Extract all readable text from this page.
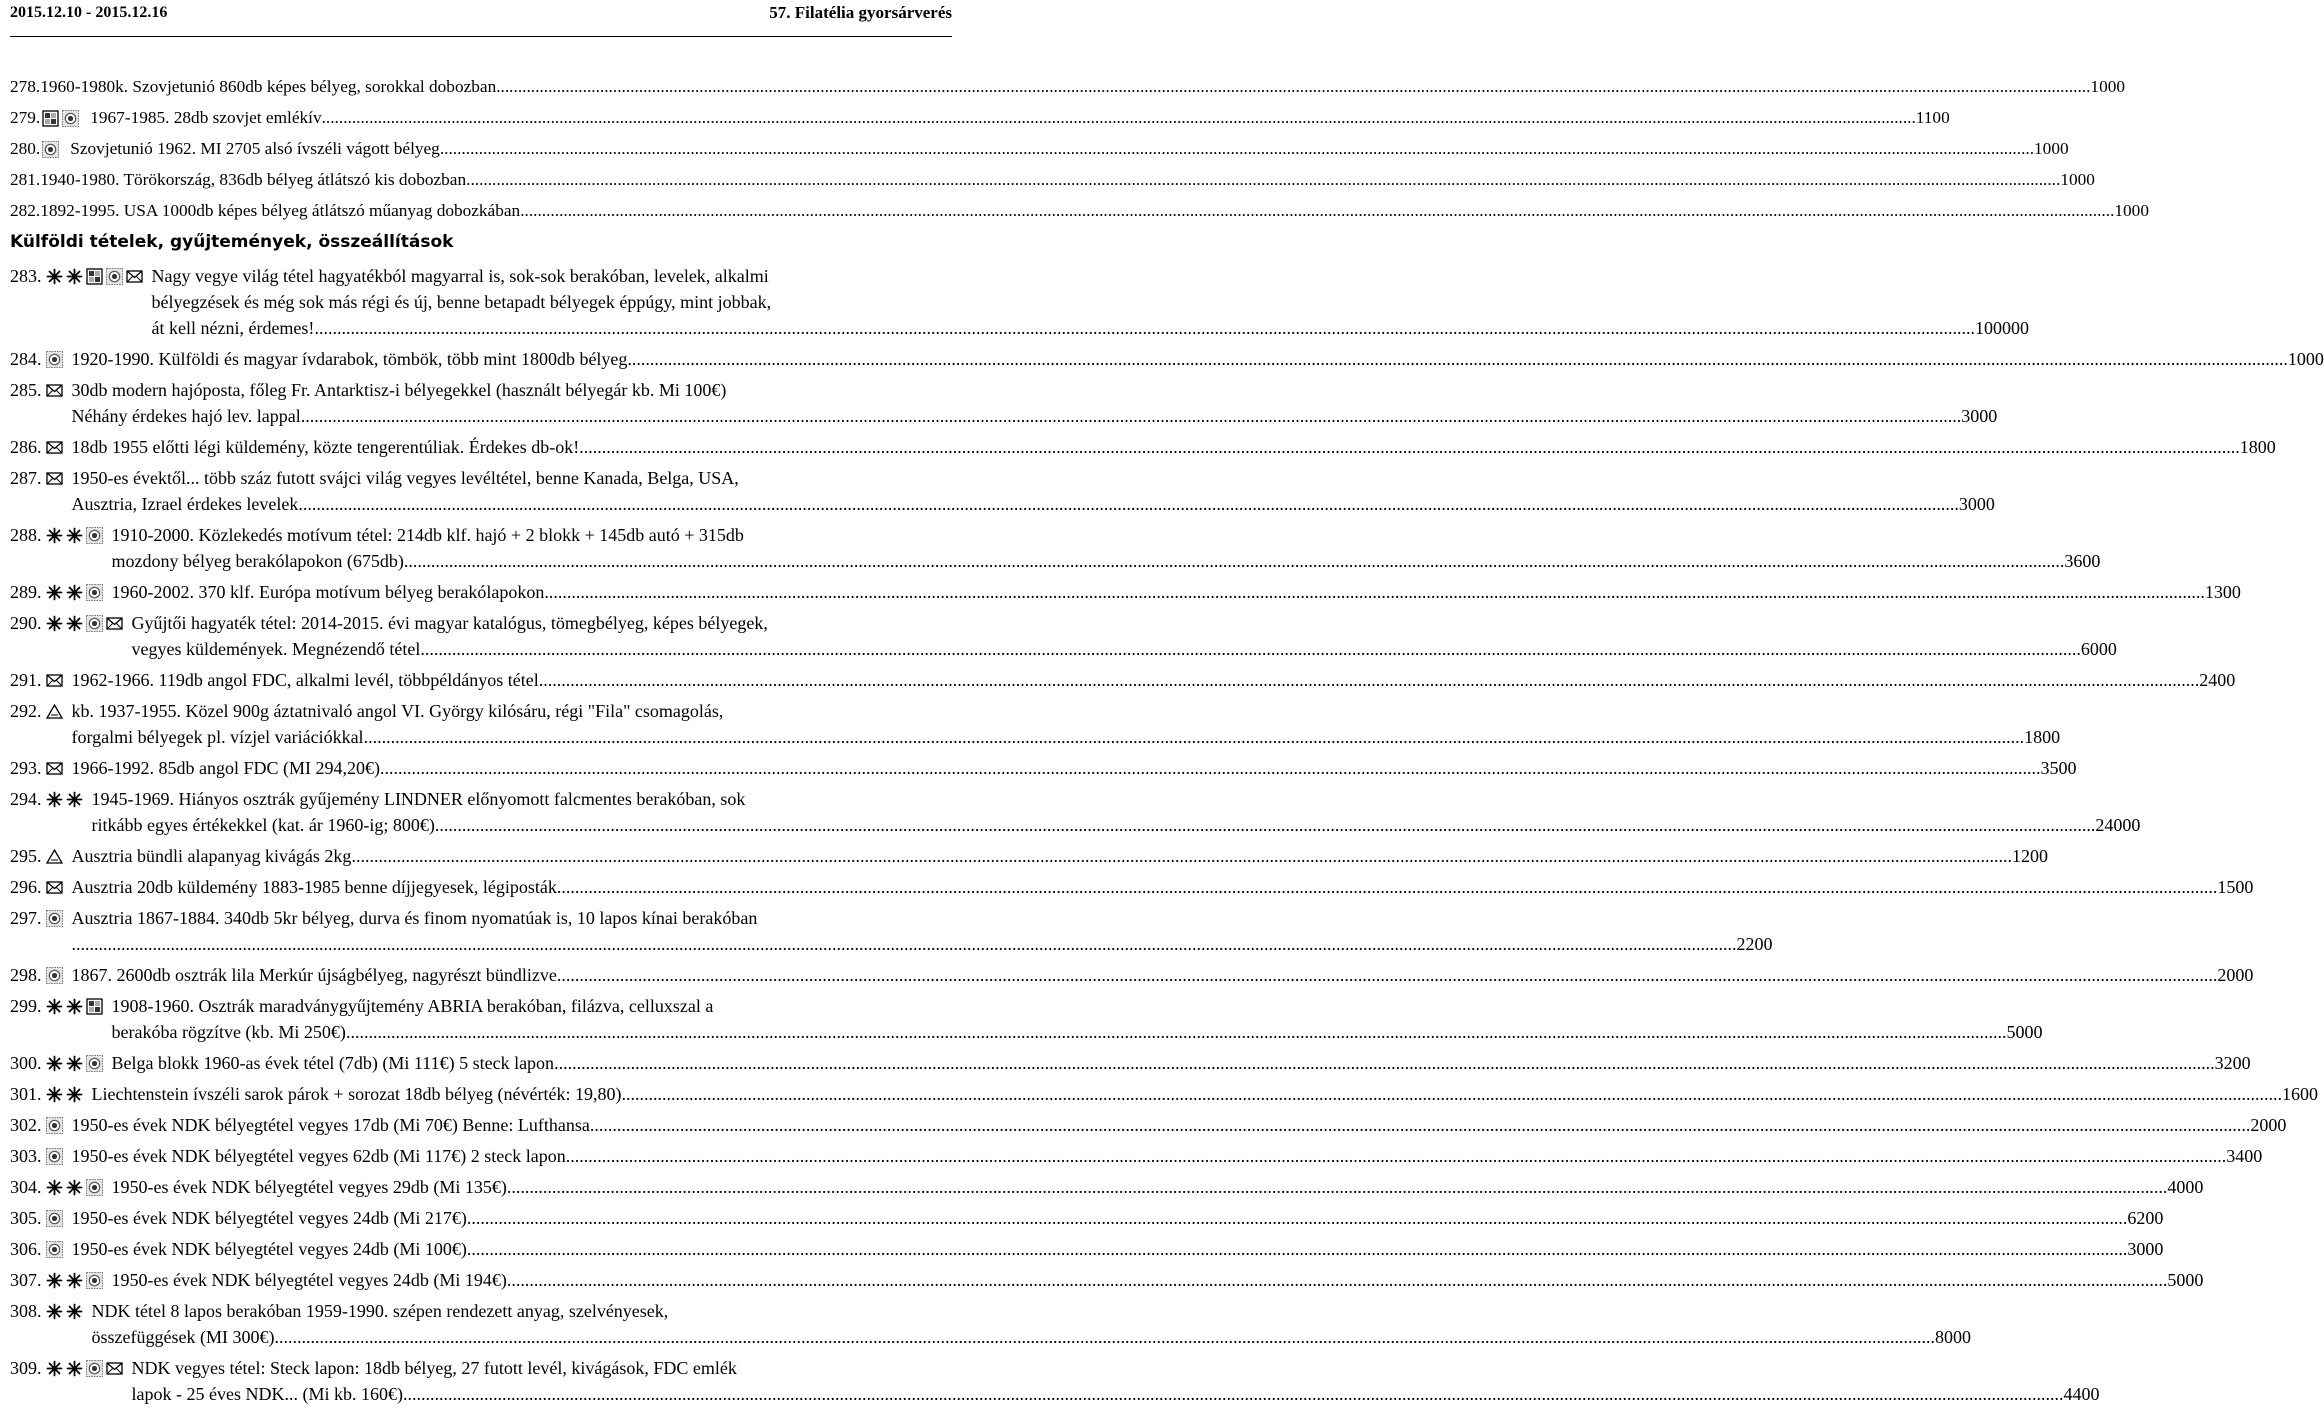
2015.12.10 - 2015.12.16	57. Filatélia gyorsárverés
278. 1960-1980k. Szovjetunió 860db képes bélyeg, sorokkal dobozban .....	1000
279.	1967-1985. 28db szovjet emlékív .....	1100
280. Szovjetunió 1962. MI 2705 alsó ívszéli vágott bélyeg .....	1000
281. 1940-1980. Törökország, 836db bélyeg átlátszó kis dobozban .....	1000
282. 1892-1995. USA 1000db képes bélyeg átlátszó műanyag dobozkában .....	1000
Külföldi tételek, gyűjtemények, összeállítások
283.	Nagy vegye világ tétel hagyatékból magyarral is, sok-sok berakóban, levelek, alkalmi
bélyegzések és még sok más régi és új, benne betapadt bélyegek éppúgy, mint jobbak,
át kell nézni, érdemes! .....	100000
284. 1920-1990. Külföldi és magyar ívdarabok, tömbök, több mint 1800db bélyeg .....	1000
285. 30db modern hajóposta, főleg Fr. Antarktisz-i bélyegekkel (használt bélyegár kb. Mi 100€)
Néhány érdekes hajó lev. lappal .....	3000
286. 18db 1955 előtti légi küldemény, közte tengerentúliak. Érdekes db-ok! .....	1800
287. 1950-es évektől... több száz futott svájci világ vegyes levéltétel, benne Kanada, Belga, USA,
Ausztria, Izrael érdekes levelek .....	3000
288.	1910-2000. Közlekedés motívum tétel: 214db klf. hajó + 2 blokk + 145db autó + 315db
mozdony bélyeg berakólapokon (675db) .....	3600
289.	1960-2002. 370 klf. Európa motívum bélyeg berakólapokon .....	1300
290.	Gyűjtői hagyaték tétel: 2014-2015. évi magyar katalógus, tömegbélyeg, képes bélyegek,
vegyes küldemények. Megnézendő tétel .....	6000
291. 1962-1966. 119db angol FDC, alkalmi levél, többpéldányos tétel .....	2400
292. kb. 1937-1955. Közel 900g áztatnivaló angol VI. György kilósáru, régi "Fila" csomagolás,
forgalmi bélyegek pl. vízjel variációkkal .....	1800
293. 1966-1992. 85db angol FDC (MI 294,20€) .....	3500
294.	1945-1969. Hiányos osztrák gyűjemény LINDNER előnyomott falcmentes berakóban, sok
ritkább egyes értékekkel (kat. ár 1960-ig; 800€) .....	24000
295. Ausztria bündli alapanyag kivágás 2kg .....	1200
296. Ausztria 20db küldemény 1883-1985 benne díjjegyesek, légiposták .....	1500
297. Ausztria 1867-1884. 340db 5kr bélyeg, durva és finom nyomatúak is, 10 lapos kínai berakóban
. .....	2200
298. 1867. 2600db osztrák lila Merkúr újságbélyeg, nagyrészt bündlizve .....	2000
299.	1908-1960. Osztrák maradványgyűjtemény ABRIA berakóban, filázva, celluxszal a
berakóba rögzítve (kb. Mi 250€) .....	5000
300.	Belga blokk 1960-as évek tétel (7db) (Mi 111€) 5 steck lapon .....	3200
301.	Liechtenstein ívszéli sarok párok + sorozat 18db bélyeg (névérték: 19,80) .....	1600
302. 1950-es évek NDK bélyegtétel vegyes 17db (Mi 70€) Benne: Lufthansa .....	2000
303. 1950-es évek NDK bélyegtétel vegyes 62db (Mi 117€) 2 steck lapon .....	3400
304.	1950-es évek NDK bélyegtétel vegyes 29db (Mi 135€) .....	4000
305. 1950-es évek NDK bélyegtétel vegyes 24db (Mi 217€) .....	6200
306. 1950-es évek NDK bélyegtétel vegyes 24db (Mi 100€) .....	3000
307.	1950-es évek NDK bélyegtétel vegyes 24db (Mi 194€) .....	5000
308.	NDK tétel 8 lapos berakóban 1959-1990. szépen rendezett anyag, szelvényesek,
összefüggések (MI 300€) .....	8000
309.	NDK vegyes tétel: Steck lapon: 18db bélyeg, 27 futott levél, kivágások, FDC emlék
lapok - 25 éves NDK... (Mi kb. 160€) .....	4400
